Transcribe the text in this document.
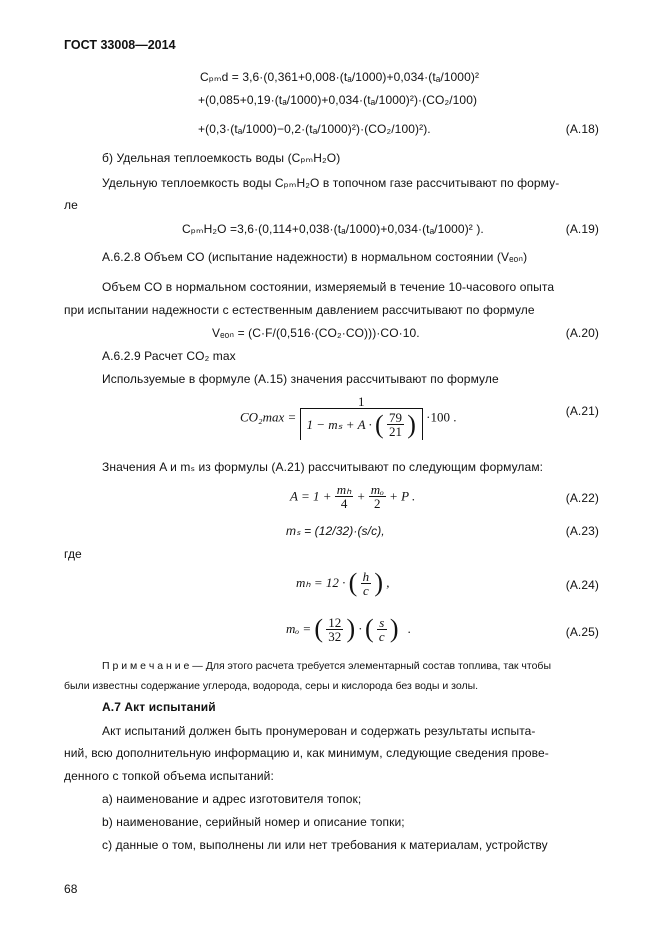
ГОСТ 33008—2014
Cₚₘd = 3,6·(0,361+0,008·(tₐ/1000)+0,034·(tₐ/1000)²
+(0,085+0,19·(tₐ/1000)+0,034·(tₐ/1000)²)·(CO₂/100)
+(0,3·(tₐ/1000)−0,2·(tₐ/1000)²)·(CO₂/100)²).	(A.18)
б) Удельная теплоемкость воды (CₚₘH₂O)
Удельную теплоемкость воды CₚₘH₂O в топочном газе рассчитывают по форму-
ле
CₚₘH₂O =3,6·(0,114+0,038·(tₐ/1000)+0,034·(tₐ/1000)² ).	(A.19)
A.6.2.8 Объем CO (испытание надежности) в нормальном состоянии (Vₑₒₙ)
Объем CO в нормальном состоянии, измеряемый в течение 10-часового опыта
при испытании надежности с естественным давлением рассчитывают по формуле
Vₑₒₙ = (C·F/(0,516·(CO₂·CO)))·CO·10.	(A.20)
A.6.2.9 Расчет CO₂ max
Используемые в формуле (A.15) значения рассчитывают по формуле
CO₂max =
1
1 − mₛ + A · ( $\frac{79}{21}$ ) ·100 .	(A.21)
Значения A и mₛ из формулы (A.21) рассчитывают по следующим формулам:
$A = 1 + \frac{\text{mₕ}}{4} + \frac{\text{mₒ}}{2} + P$ .	(A.22)
mₛ = (12/32)·(s/c),	(A.23)
где
mₕ = 12 · ( $\frac{h}{c}$ ) ,	(A.24)
mₒ = ( $\frac{12}{32}$ ) · ( $\frac{s}{c}$ ) .	(A.25)
П р и м е ч а н и е — Для этого расчета требуется элементарный состав топлива, так чтобы
были известны содержание углерода, водорода, серы и кислорода без воды и золы.
A.7 Акт испытаний
Акт испытаний должен быть пронумерован и содержать результаты испыта-
ний, всю дополнительную информацию и, как минимум, следующие сведения прове-
денного с топкой объема испытаний:
а) наименование и адрес изготовителя топок;
b) наименование, серийный номер и описание топки;
c) данные о том, выполнены ли или нет требования к материалам, устройству
68
